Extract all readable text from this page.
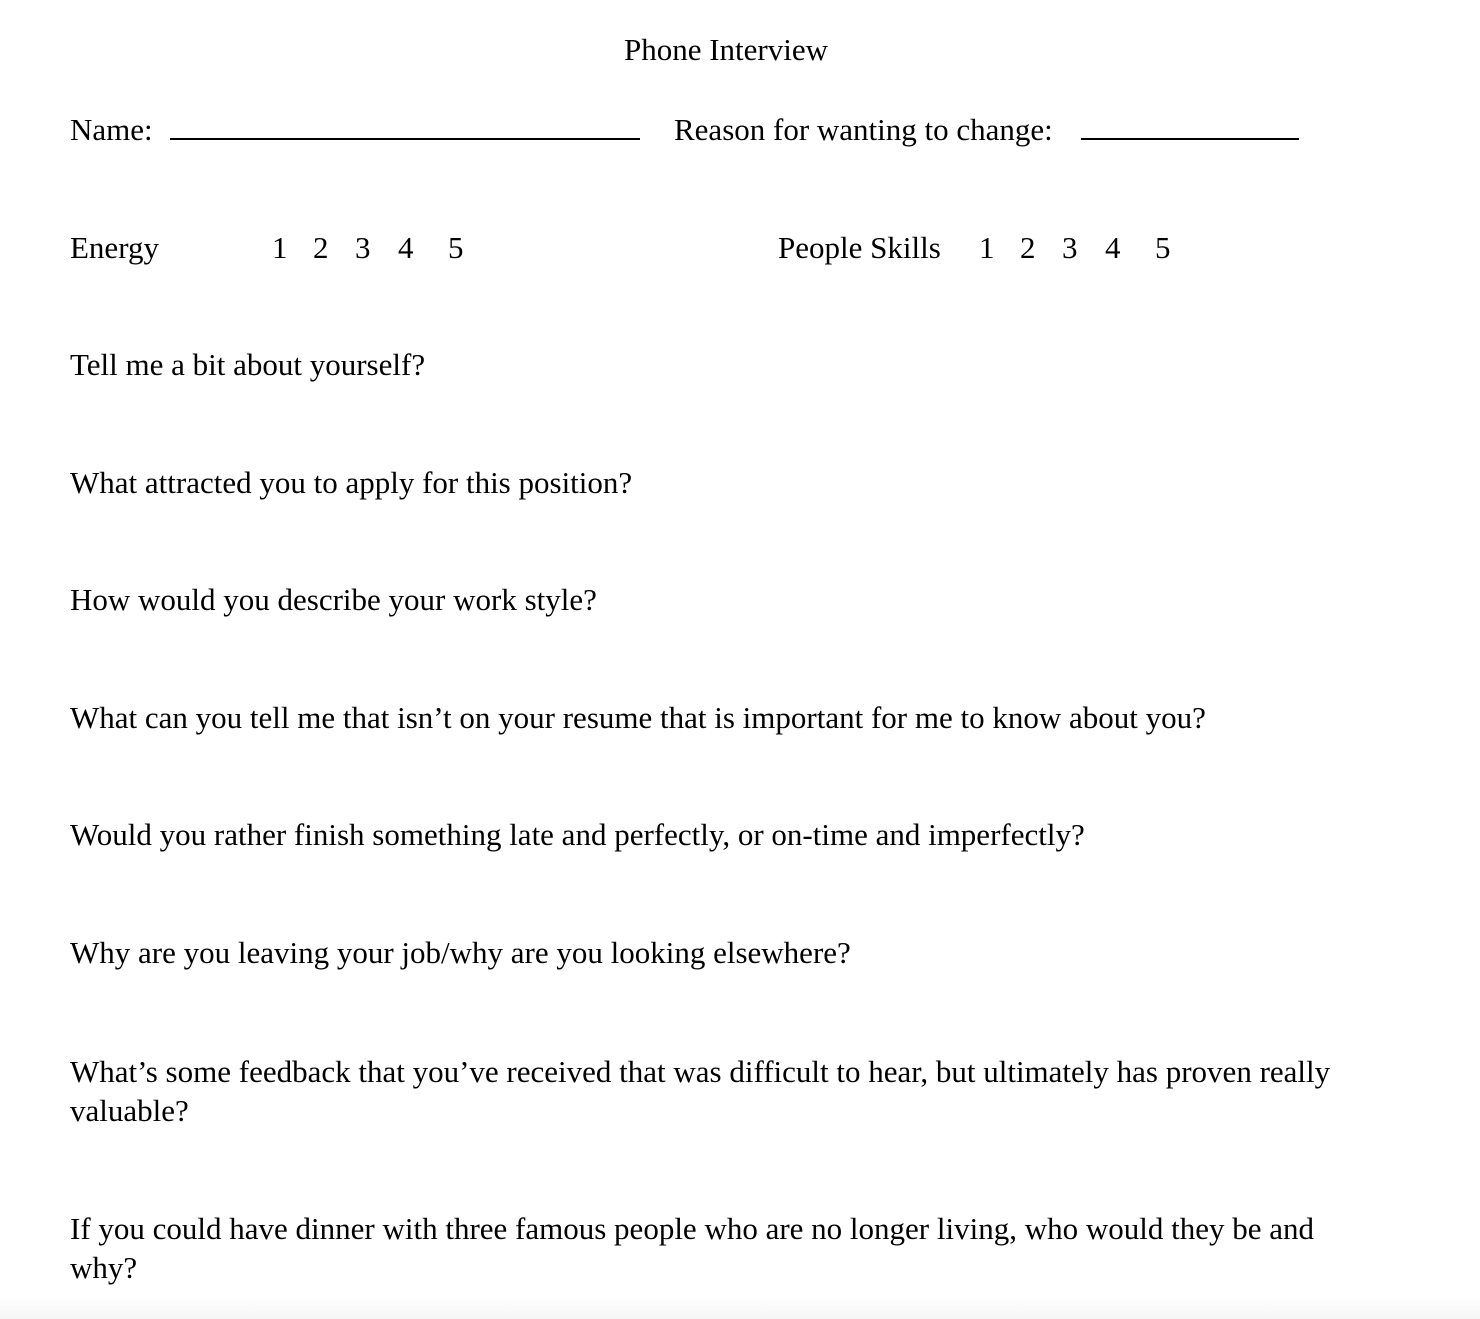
Phone Interview
Name:	Reason for wanting to change:
Energy	1 2 3 4 5	People Skills 1 2 3 4 5
Tell me a bit about yourself?
What attracted you to apply for this position?
How would you describe your work style?
What can you tell me that isn’t on your resume that is important for me to know about you?
Would you rather finish something late and perfectly, or on-time and imperfectly?
Why are you leaving your job/why are you looking elsewhere?
What’s some feedback that you’ve received that was difficult to hear, but ultimately has proven really valuable?
If you could have dinner with three famous people who are no longer living, who would they be and why?
